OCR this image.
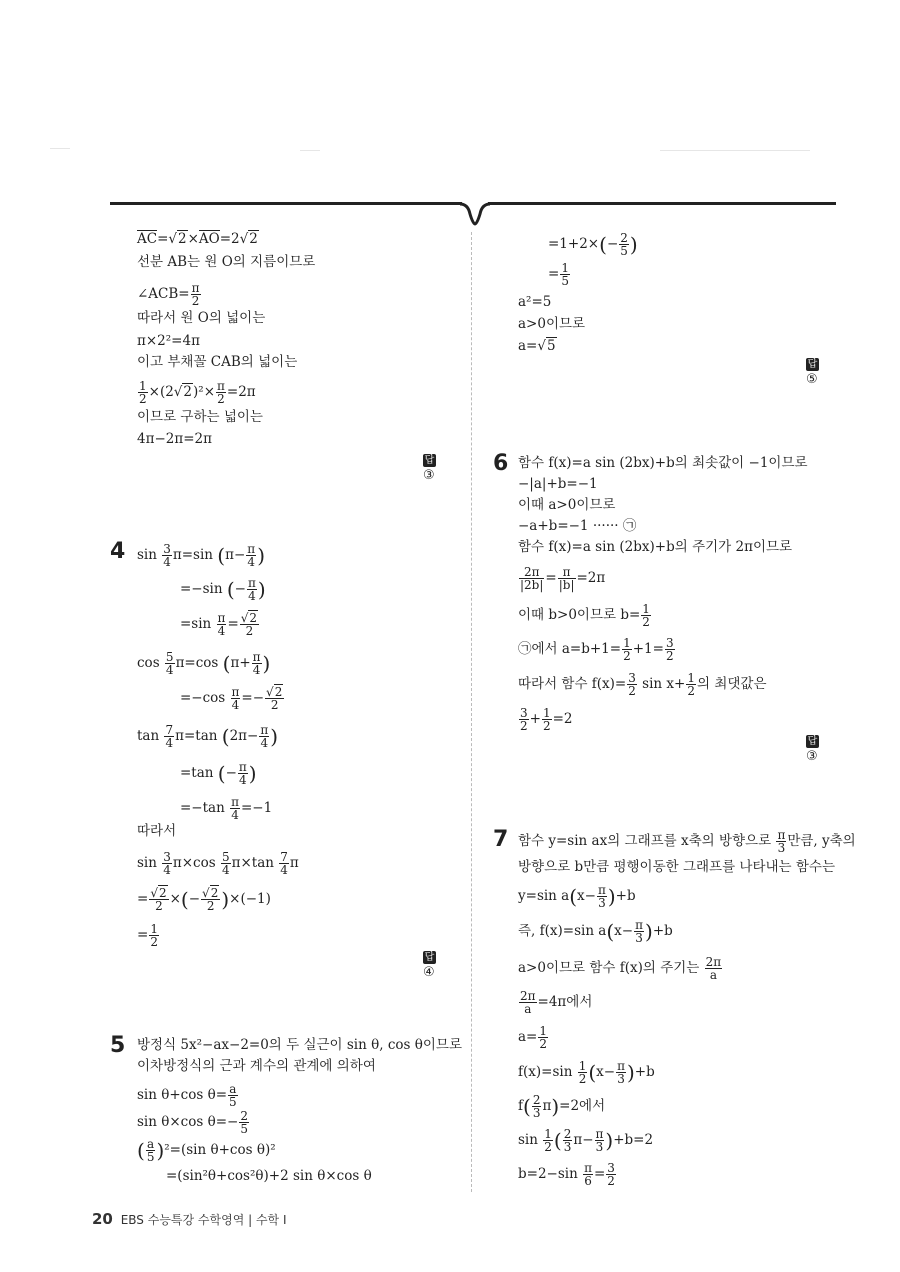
AC=√2×AO=2√2
선분 AB는 원 O의 지름이므로
∠ACB= $\frac{\pi}{2}$
따라서 원 O의 넓이는
π×2²=4π
이고 부채꼴 CAB의 넓이는
$\frac{1}{2} \times(2√2)^2\times \frac{\pi}{2} =2\pi$
이므로 구하는 넓이는
4π−2π=2π
답③
4 $\sin \frac{3}{4} \pi=\sin$ ($\pi- \frac{\pi}{4}$ )
=−sin (− $\frac{\pi}{4}$ )
$=\sin \frac{\pi}{4} = \frac{√2}{2}$
$\cos \frac{5}{4} \pi=\cos$ ($\pi+ \frac{\pi}{4}$ )
$=-\cos \frac{\pi}{4} =- \frac{√2}{2}$
$\tan \frac{7}{4} \pi=\tan$ ($2\pi- \frac{\pi}{4}$ )
=tan (− $\frac{\pi}{4}$ )
$=-\tan \frac{\pi}{4} =-1$
따라서
$\sin \frac{3}{4} \pi\times\cos \frac{5}{4} \pi\times\tan \frac{7}{4}$ π
= $\frac{√2}{2}$ ×(− $\frac{√2}{2} )\times(-1)$
= $\frac{1}{2}$
답④
5 방정식 5x²−ax−2=0의 두 실근이 sin θ, cos θ이므로
이차방정식의 근과 계수의 관계에 의하여
sin θ+cos $\theta= \frac{a}{5}$
sin θ×cos $\theta=- \frac{2}{5}$
( $\frac{a}{5} )^2=(\sin$ θ+cos θ)²
=(sin²θ+cos²θ)+2 sin θ×cos θ
$=1+2\times(- \frac{2}{5}$ )
= $\frac{1}{5}$
a²=5
a>0이므로
a=√5
답⑤
6 함수 f(x)=a sin (2bx)+b의 최솟값이 −1이므로
−|a|+b=−1
이때 a>0이므로
−a+b=−1 ······ ㉠
함수 f(x)=a sin (2bx)+b의 주기가 2π이므로
$\frac{2\pi}{|2b|} = \frac{\pi}{|b|} =2\pi$
이때 b>0이므로 $b= \frac{1}{2}$
㉠에서 $a=b+1= \frac{1}{2} +1= \frac{3}{2}$
따라서 함수 $f(x)= \frac{3}{2}$ $\sin x+ \frac{1}{2}$ 의 최댓값은
$\frac{3}{2} + \frac{1}{2} =2$
답③
7 함수 y=sin ax의 그래프를 x축의 방향으로 $\frac{\pi}{3}$ 만큼, y축의
방향으로 b만큼 평행이동한 그래프를 나타내는 함수는
y=sin $a(x- \frac{\pi}{3} )+b$
즉, f(x)=sin $a(x- \frac{\pi}{3} )+b$
a>0이므로 함수 f(x)의 주기는 $\frac{2\pi}{a}$
$\frac{2\pi}{a} =4\pi$에서
$a= \frac{1}{2}$
$f(x)=\sin \frac{1}{2} (x- \frac{\pi}{3} )+b$
$f( \frac{2}{3} \pi)=2$에서
$\sin \frac{1}{2}$ ( $\frac{2}{3} \pi- \frac{\pi}{3} )+b=2$
$b=2-\sin \frac{\pi}{6} = \frac{3}{2}$
20 EBS 수능특강 수학영역 | 수학 I
